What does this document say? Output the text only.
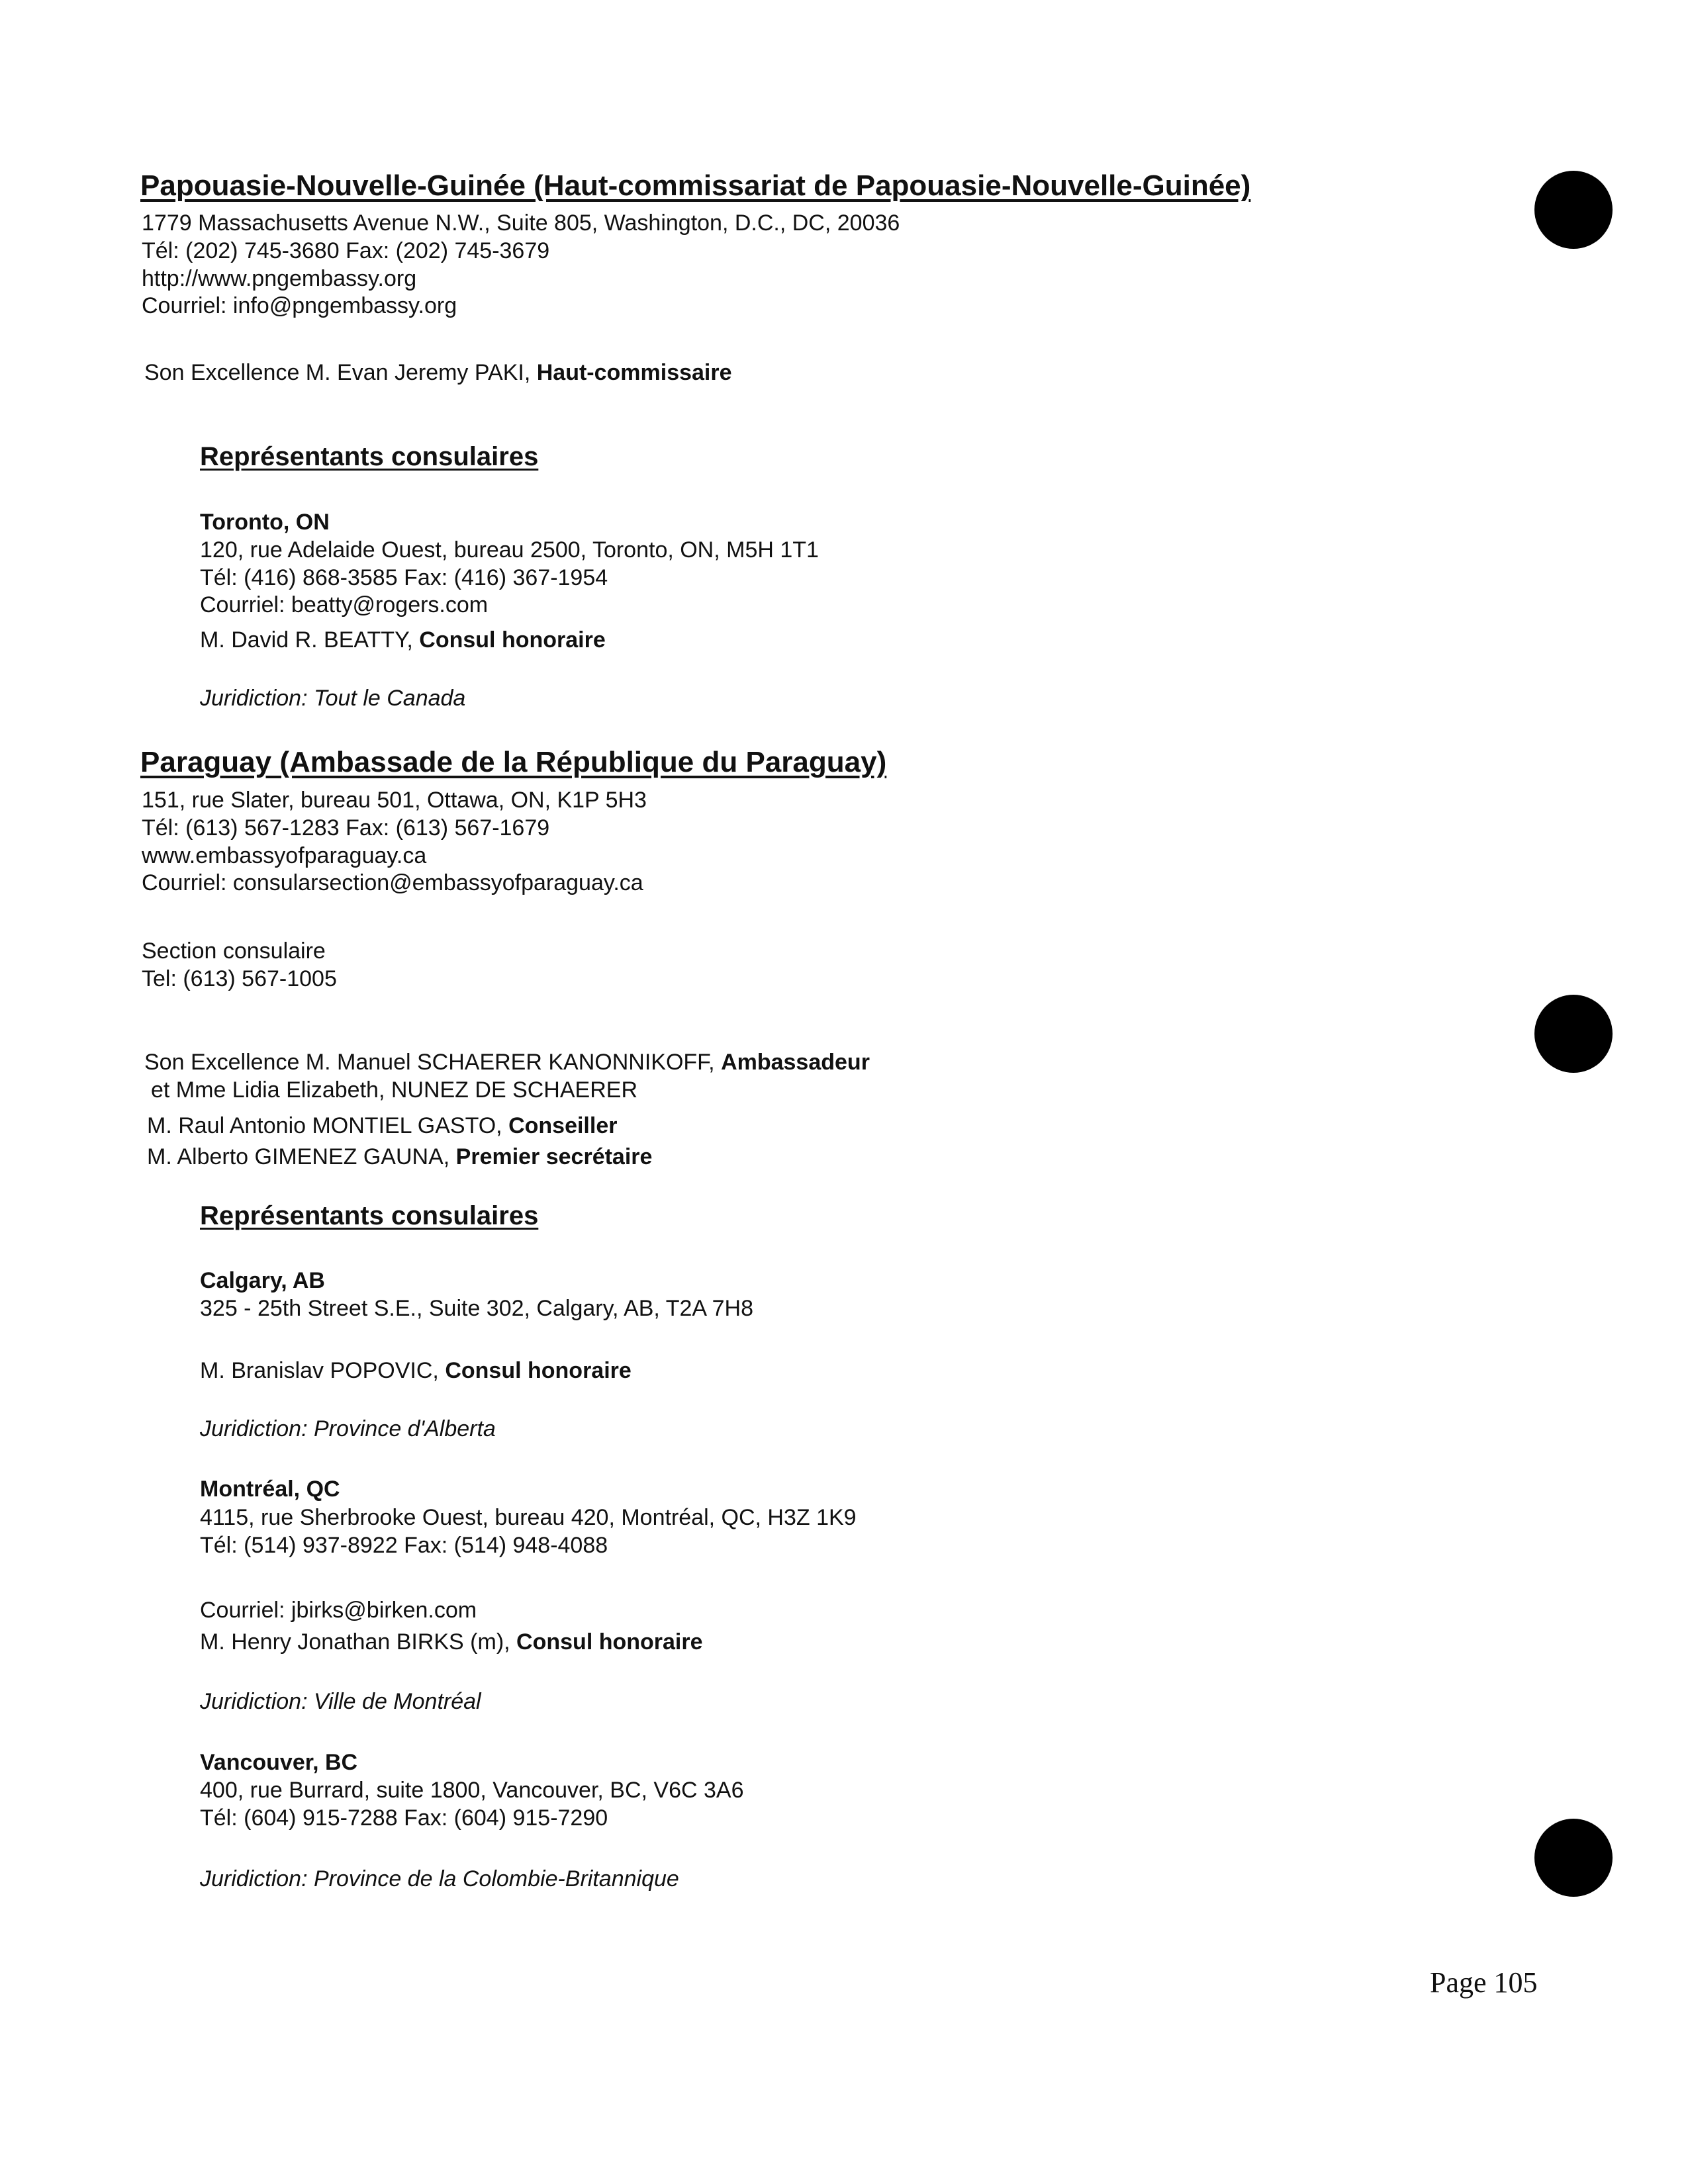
Papouasie-Nouvelle-Guinée (Haut-commissariat de Papouasie-Nouvelle-Guinée)
1779 Massachusetts Avenue N.W., Suite 805, Washington, D.C., DC, 20036
Tél: (202) 745-3680 Fax: (202) 745-3679
http://www.pngembassy.org
Courriel: info@pngembassy.org
Son Excellence M. Evan Jeremy PAKI, Haut-commissaire
Représentants consulaires
Toronto, ON
120, rue Adelaide Ouest, bureau 2500, Toronto, ON, M5H 1T1
Tél: (416) 868-3585 Fax: (416) 367-1954
Courriel: beatty@rogers.com
M. David R. BEATTY, Consul honoraire
Juridiction: Tout le Canada
Paraguay (Ambassade de la République du Paraguay)
151, rue Slater, bureau 501, Ottawa, ON, K1P 5H3
Tél: (613) 567-1283 Fax: (613) 567-1679
www.embassyofparaguay.ca
Courriel: consularsection@embassyofparaguay.ca
Section consulaire
Tel: (613) 567-1005
Son Excellence M. Manuel SCHAERER KANONNIKOFF, Ambassadeur
et Mme Lidia Elizabeth, NUNEZ DE SCHAERER
M. Raul Antonio MONTIEL GASTO, Conseiller
M. Alberto GIMENEZ GAUNA, Premier secrétaire
Représentants consulaires
Calgary, AB
325 - 25th Street S.E., Suite 302, Calgary, AB, T2A 7H8
M. Branislav POPOVIC, Consul honoraire
Juridiction: Province d'Alberta
Montréal, QC
4115, rue Sherbrooke Ouest, bureau 420, Montréal, QC, H3Z 1K9
Tél: (514) 937-8922 Fax: (514) 948-4088
Courriel: jbirks@birken.com
M. Henry Jonathan BIRKS (m), Consul honoraire
Juridiction: Ville de Montréal
Vancouver, BC
400, rue Burrard, suite 1800, Vancouver, BC, V6C 3A6
Tél: (604) 915-7288 Fax: (604) 915-7290
Juridiction: Province de la Colombie-Britannique
Page 105
